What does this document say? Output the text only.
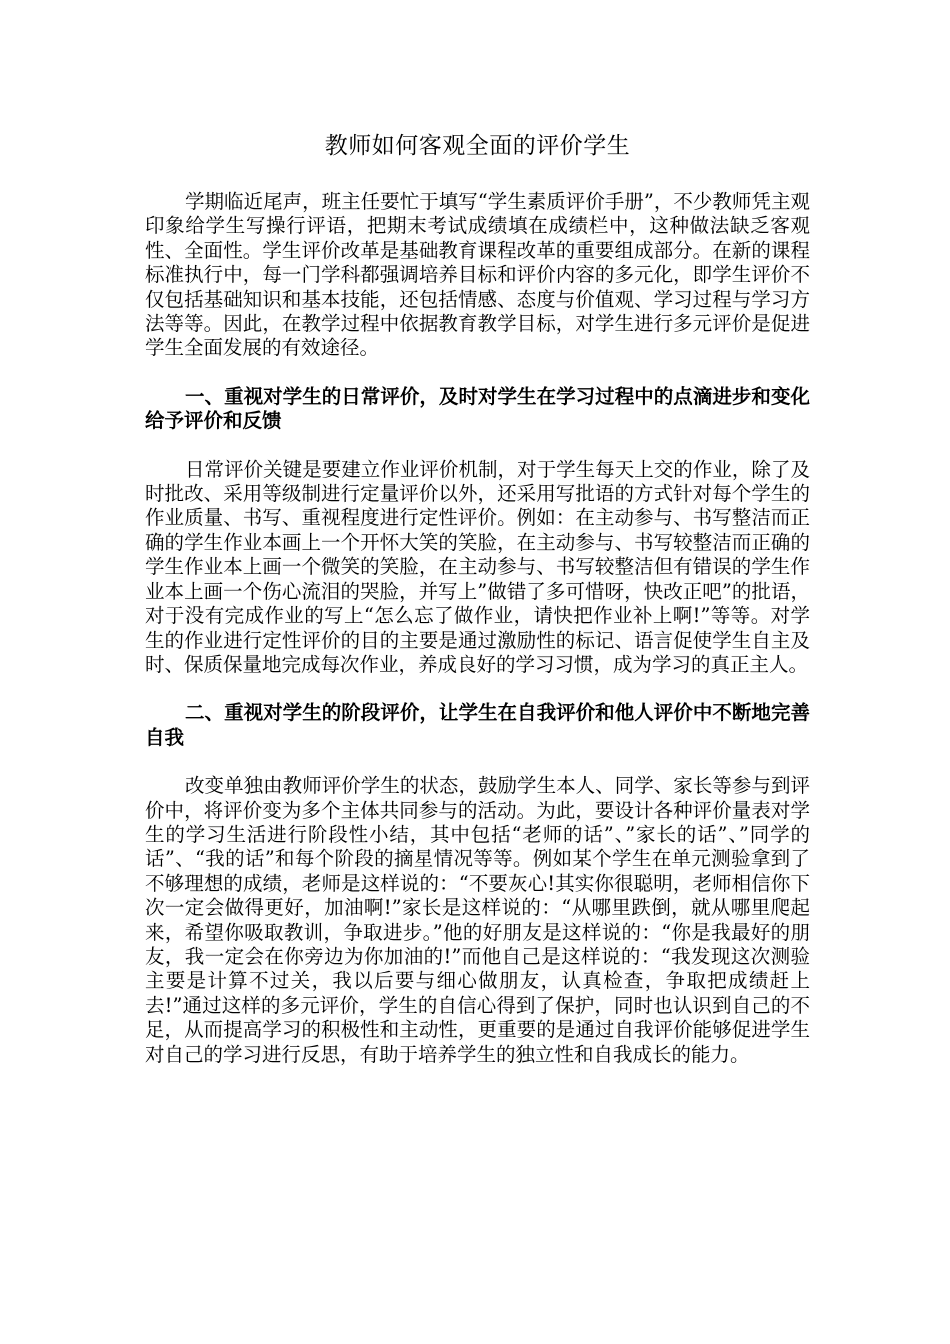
教师如何客观全面的评价学生

学期临近尾声，班主任要忙于填写“学生素质评价手册”，不少教师凭主观印象给学生写操行评语，把期末考试成绩填在成绩栏中，这种做法缺乏客观性、全面性。学生评价改革是基础教育课程改革的重要组成部分。在新的课程标准执行中，每一门学科都强调培养目标和评价内容的多元化，即学生评价不仅包括基础知识和基本技能，还包括情感、态度与价值观、学习过程与学习方法等等。因此，在教学过程中依据教育教学目标，对学生进行多元评价是促进学生全面发展的有效途径。

一、重视对学生的日常评价，及时对学生在学习过程中的点滴进步和变化给予评价和反馈

日常评价关键是要建立作业评价机制，对于学生每天上交的作业，除了及时批改、采用等级制进行定量评价以外，还采用写批语的方式针对每个学生的作业质量、书写、重视程度进行定性评价。例如：在主动参与、书写整洁而正确的学生作业本画上一个开怀大笑的笑脸，在主动参与、书写较整洁而正确的学生作业本上画一个微笑的笑脸，在主动参与、书写较整洁但有错误的学生作业本上画一个伤心流泪的哭脸，并写上”做错了多可惜呀，快改正吧”的批语，对于没有完成作业的写上“怎么忘了做作业，请快把作业补上啊!”等等。对学生的作业进行定性评价的目的主要是通过激励性的标记、语言促使学生自主及时、保质保量地完成每次作业，养成良好的学习习惯，成为学习的真正主人。

二、重视对学生的阶段评价，让学生在自我评价和他人评价中不断地完善自我

改变单独由教师评价学生的状态，鼓励学生本人、同学、家长等参与到评价中，将评价变为多个主体共同参与的活动。为此，要设计各种评价量表对学生的学习生活进行阶段性小结，其中包括“老师的话”、”家长的话”、”同学的话”、“我的话”和每个阶段的摘星情况等等。例如某个学生在单元测验拿到了不够理想的成绩，老师是这样说的：“不要灰心!其实你很聪明，老师相信你下次一定会做得更好，加油啊!”家长是这样说的：“从哪里跌倒，就从哪里爬起来，希望你吸取教训，争取进步。”他的好朋友是这样说的：“你是我最好的朋友，我一定会在你旁边为你加油的!”而他自己是这样说的：“我发现这次测验主要是计算不过关，我以后要与细心做朋友，认真检查，争取把成绩赶上去!”通过这样的多元评价，学生的自信心得到了保护，同时也认识到自己的不足，从而提高学习的积极性和主动性，更重要的是通过自我评价能够促进学生对自己的学习进行反思，有助于培养学生的独立性和自我成长的能力。
